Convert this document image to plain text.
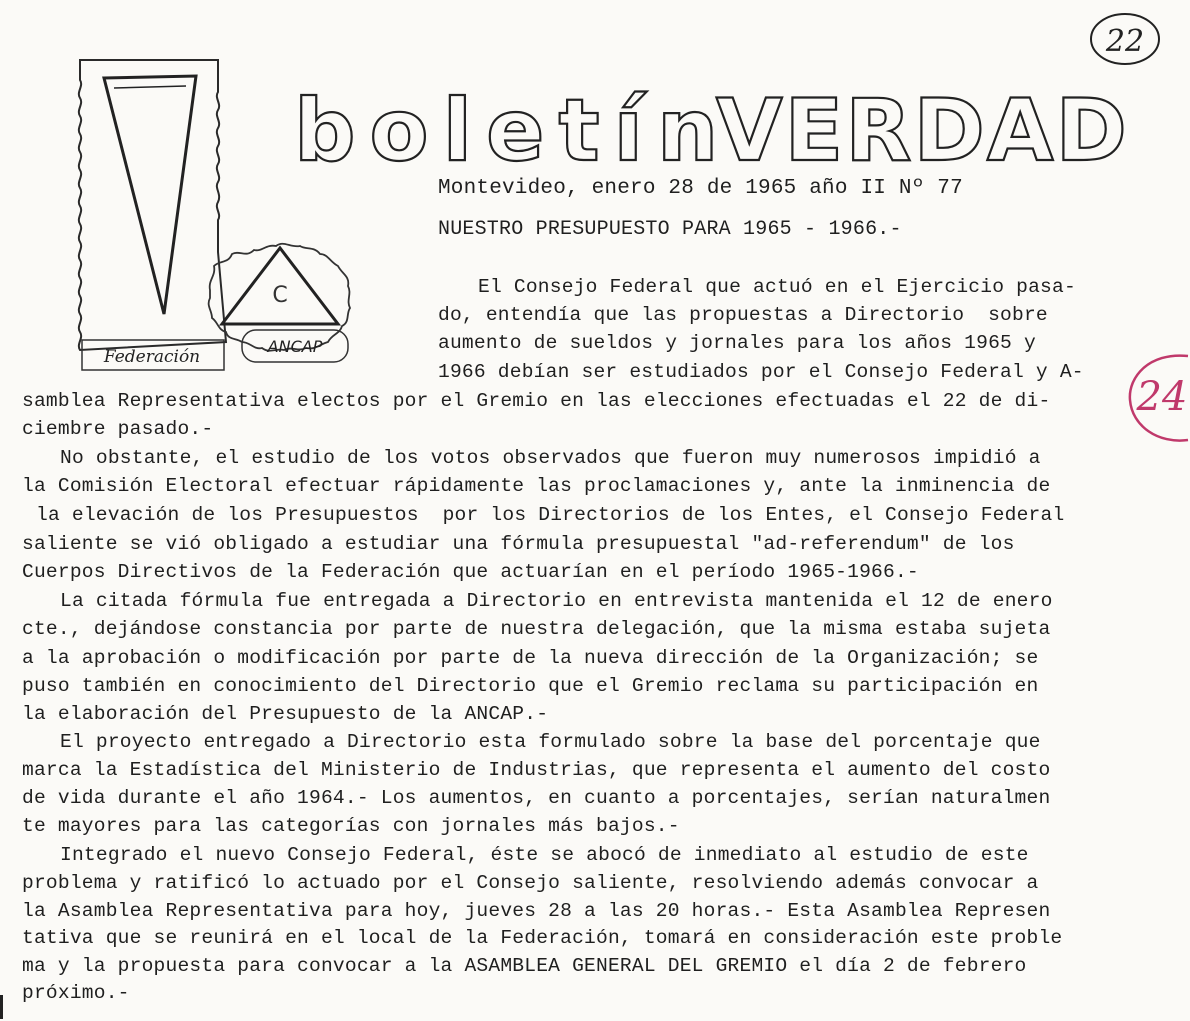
C
Federación
ANCAP
boletín
VERDAD
22
24
Montevideo, enero 28 de 1965 año II Nº 77
NUESTRO PRESUPUESTO PARA 1965 - 1966.-
El Consejo Federal que actuó en el Ejercicio pasa-
do, entendía que las propuestas a Directorio  sobre
aumento de sueldos y jornales para los años 1965 y
1966 debían ser estudiados por el Consejo Federal y A-
samblea Representativa electos por el Gremio en las elecciones efectuadas el 22 de di-
ciembre pasado.-
No obstante, el estudio de los votos observados que fueron muy numerosos impidió a
la Comisión Electoral efectuar rápidamente las proclamaciones y, ante la inminencia de
la elevación de los Presupuestos  por los Directorios de los Entes, el Consejo Federal
saliente se vió obligado a estudiar una fórmula presupuestal "ad-referendum" de los
Cuerpos Directivos de la Federación que actuarían en el período 1965-1966.-
La citada fórmula fue entregada a Directorio en entrevista mantenida el 12 de enero
cte., dejándose constancia por parte de nuestra delegación, que la misma estaba sujeta
a la aprobación o modificación por parte de la nueva dirección de la Organización; se
puso también en conocimiento del Directorio que el Gremio reclama su participación en
la elaboración del Presupuesto de la ANCAP.-
El proyecto entregado a Directorio esta formulado sobre la base del porcentaje que
marca la Estadística del Ministerio de Industrias, que representa el aumento del costo
de vida durante el año 1964.- Los aumentos, en cuanto a porcentajes, serían naturalmen
te mayores para las categorías con jornales más bajos.-
Integrado el nuevo Consejo Federal, éste se abocó de inmediato al estudio de este
problema y ratificó lo actuado por el Consejo saliente, resolviendo además convocar a
la Asamblea Representativa para hoy, jueves 28 a las 20 horas.- Esta Asamblea Represen
tativa que se reunirá en el local de la Federación, tomará en consideración este proble
ma y la propuesta para convocar a la ASAMBLEA GENERAL DEL GREMIO el día 2 de febrero
próximo.-
